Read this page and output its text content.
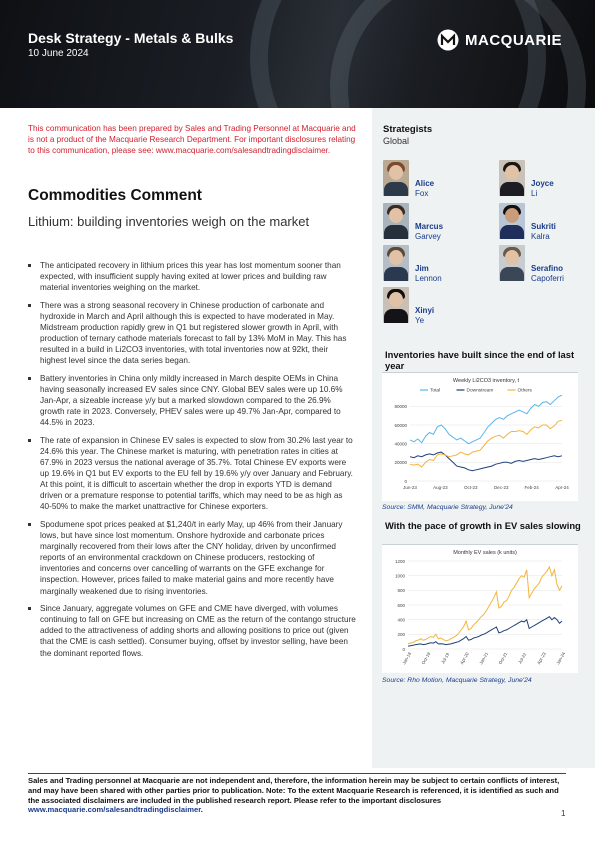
Desk Strategy - Metals & Bulks
10 June 2024
MACQUARIE
This communication has been prepared by Sales and Trading Personnel at Macquarie and is not a product of the Macquarie Research Department. For important disclosures relating to this communication, please see: www.macquarie.com/salesandtradingdisclaimer.
Commodities Comment
Lithium: building inventories weigh on the market
The anticipated recovery in lithium prices this year has lost momentum sooner than expected, with insufficient supply having exited at lower prices and building raw material inventories weighing on the market.
There was a strong seasonal recovery in Chinese production of carbonate and hydroxide in March and April although this is expected to have moderated in May. Midstream production rapidly grew in Q1 but registered slower growth in April, with production of ternary cathode materials forecast to fall by 13% MoM in May. This has resulted in a build in Li2CO3 inventories, with total inventories now at 92kt, their highest level since the data series began.
Battery inventories in China only mildly increased in March despite OEMs in China having seasonally increased EV sales since CNY. Global BEV sales were up 10.6% Jan-Apr, a sizeable increase y/y but a marked slowdown compared to the 26.9% growth rate in 2023. Conversely, PHEV sales were up 49.7% Jan-Apr, compared to 44.5% in 2023.
The rate of expansion in Chinese EV sales is expected to slow from 30.2% last year to 24.6% this year. The Chinese market is maturing, with penetration rates in cities at 67.9% in 2023 versus the national average of 35.7%. Total Chinese EV exports were up 19.6% in Q1 but EV exports to the EU fell by 19.6% y/y over January and February. At this point, it is difficult to ascertain whether the drop in exports YTD is demand driven or a premature response to potential tariffs, which may need to be as high as 40-50% to make the market unattractive for Chinese exporters.
Spodumene spot prices peaked at $1,240/t in early May, up 46% from their January lows, but have since lost momentum. Onshore hydroxide and carbonate prices marginally recovered from their lows after the CNY holiday, driven by unconfirmed reports of an environmental crackdown on Chinese producers, restocking of inventories and concerns over cancelling of warrants on the GFE exchange for inspection. However, prices failed to make material gains and more recently have marginally weakened due to rising inventories.
Since January, aggregate volumes on GFE and CME have diverged, with volumes continuing to fall on GFE but increasing on CME as the return of the contango structure added to the attractiveness of adding shorts and allowing positions to price out (given that the CME is cash settled). Consumer buying, offset by investor selling, have been the dominant reported flows.
Strategists
Global
Alice
Fox
Joyce
Li
Marcus
Garvey
Sukriti
Kalra
Jim
Lennon
Serafino
Capoferri
Xinyi
Ye
Inventories have built since the end of last year
Weekly Li2CO3 inventory, t
0
20000
40000
60000
80000
Jun-23	Aug-23	Oct-23	Dec-23	Feb-24	Apr-24
Total	Downstream	Others
Source: SMM, Macquarie Strategy, June'24
With the pace of growth in EV sales slowing
Monthly EV sales (k units)
0
200
400
600
800
1000
1200
Jan-18 Oct-18 Jul-19 Apr-20 Jan-21 Oct-21 Jul-22 Apr-23 Jan-24
Source: Rho Motion, Macquarie Strategy, June'24
Sales and Trading personnel at Macquarie are not independent and, therefore, the information herein may be subject to certain conflicts of interest, and may have been shared with other parties prior to publication. Note: To the extent Macquarie Research is referenced, it is identified as such and the associated disclaimers are included in the published research report. Please refer to the important disclosures www.macquarie.com/salesandtradingdisclaimer.	1
